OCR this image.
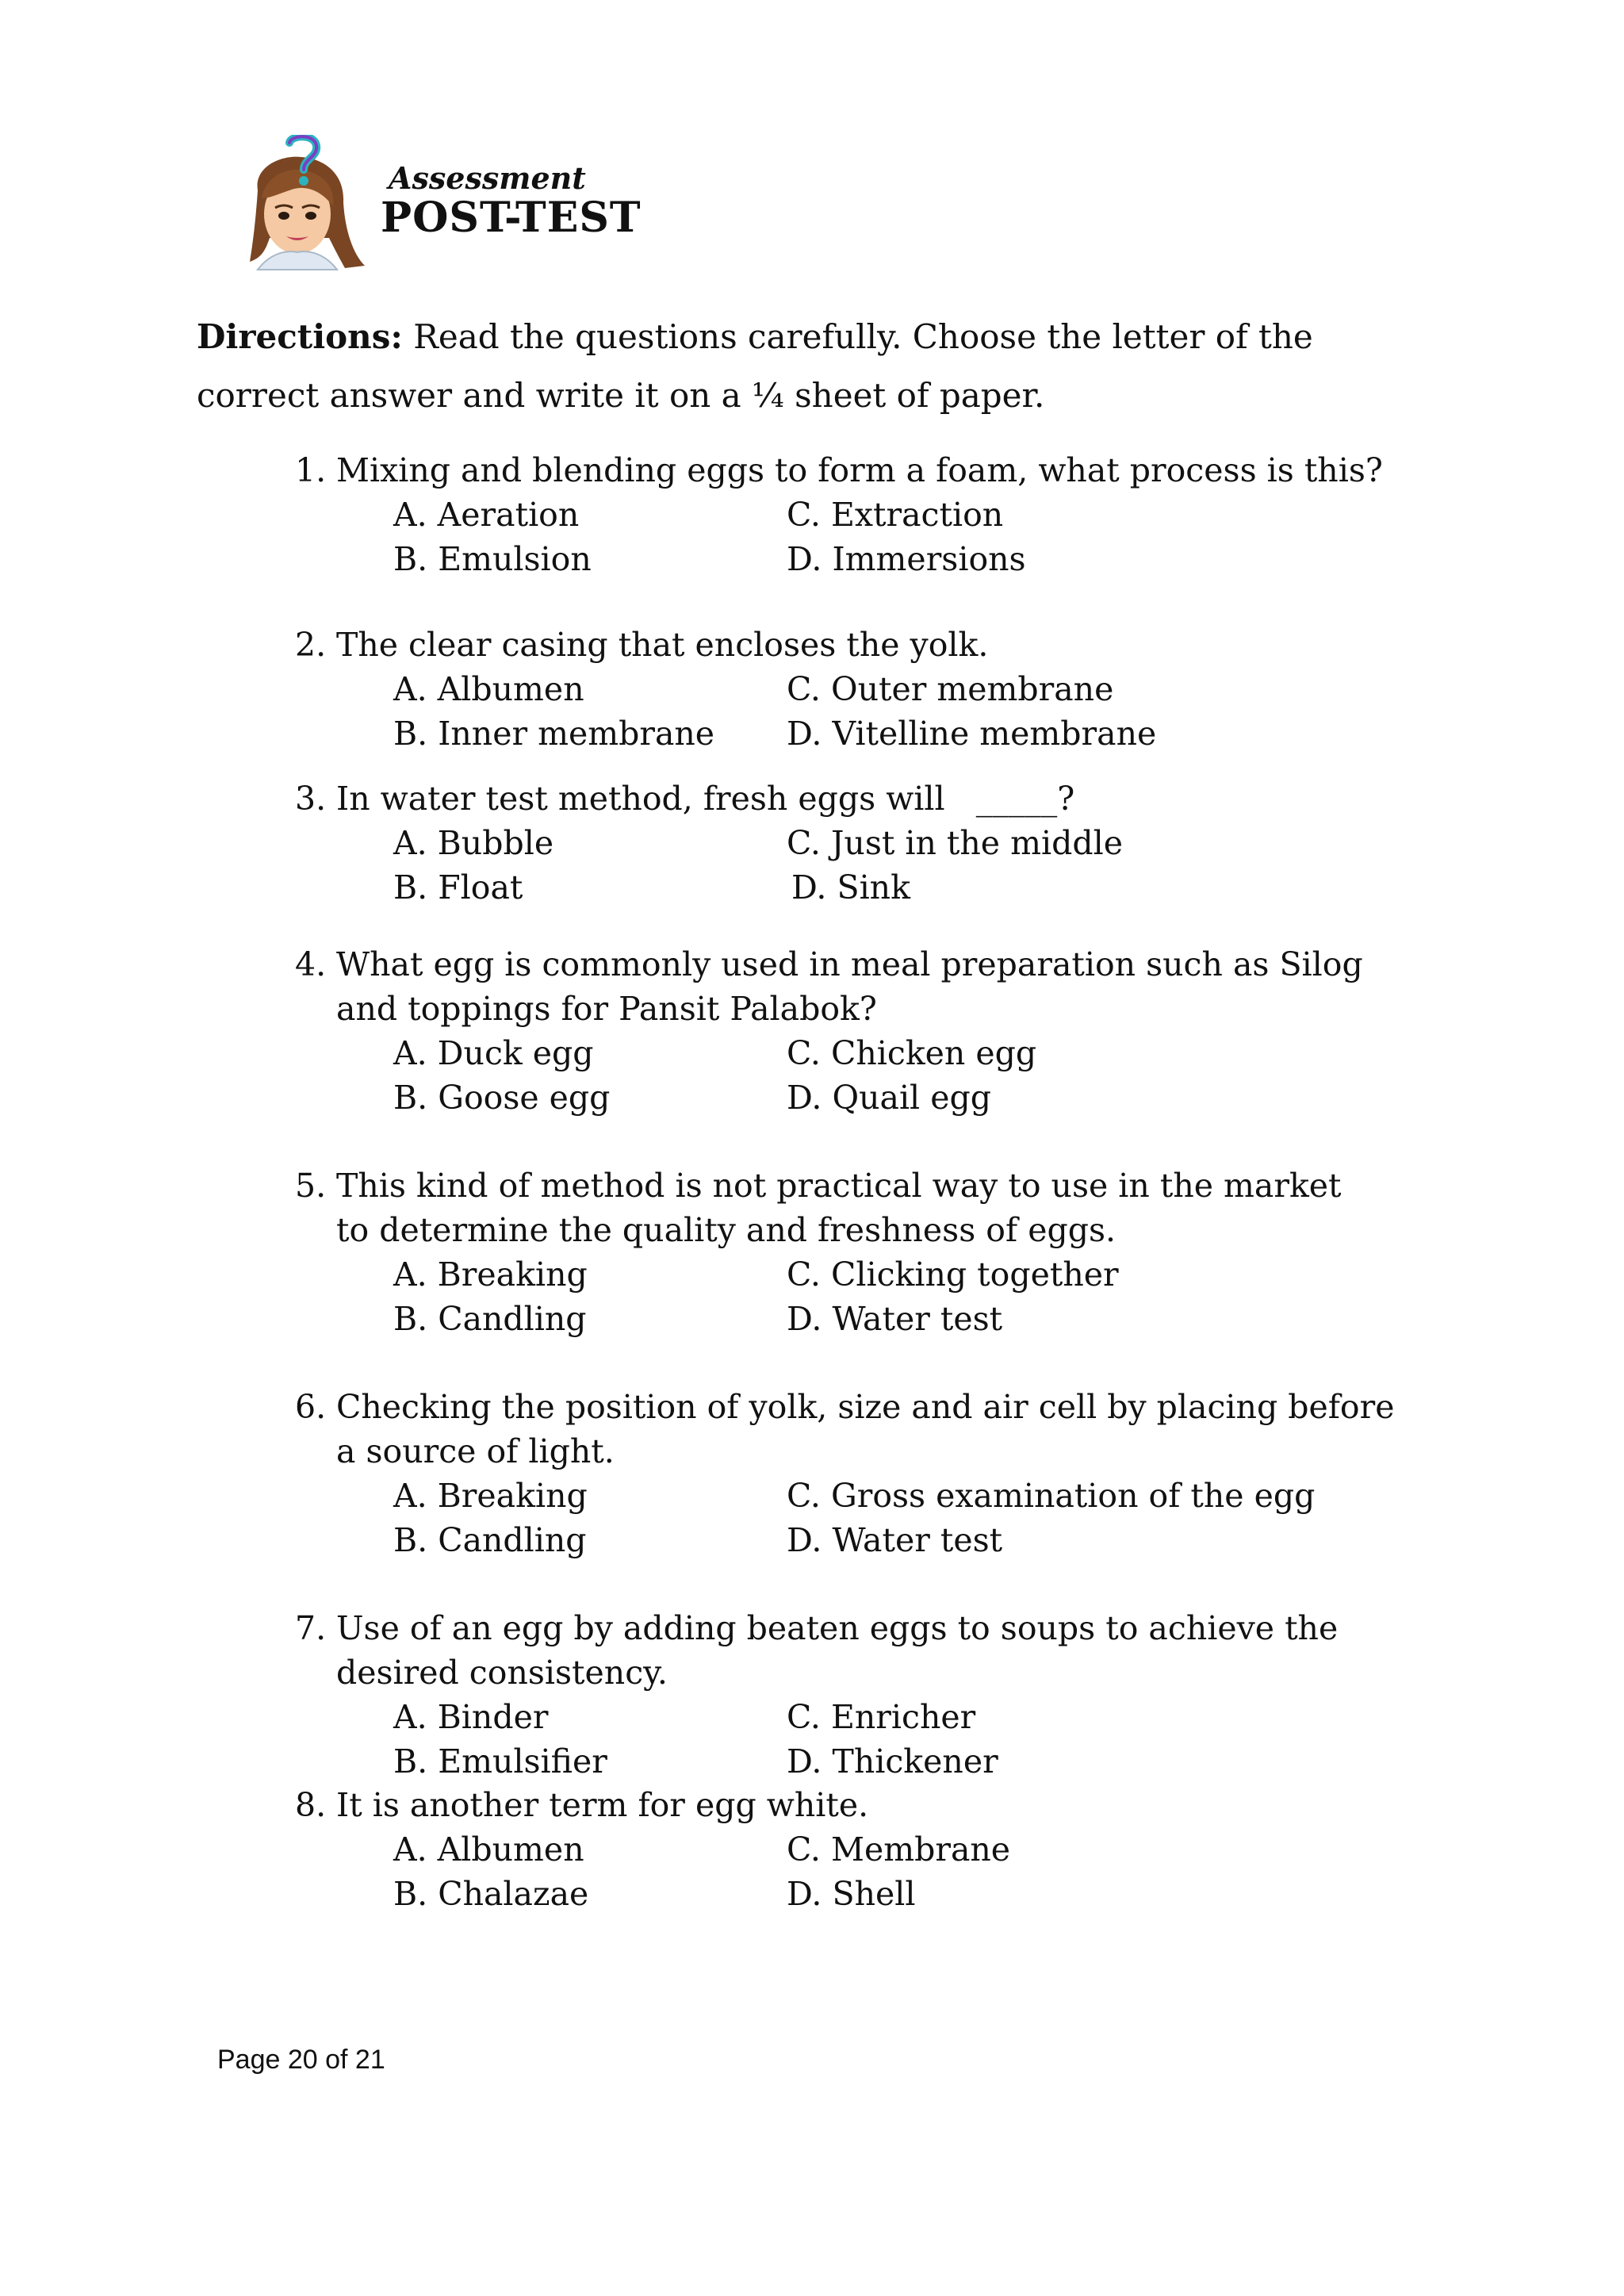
Assessment
POST-TEST
Directions: Read the questions carefully. Choose the letter of the correct answer and write it on a ¼ sheet of paper.
1. Mixing and blending eggs to form a foam, what process is this?
A. Aeration	C. Extraction
B. Emulsion	D. Immersions
2. The clear casing that encloses the yolk.
A. Albumen	C. Outer membrane
B. Inner membrane D. Vitelline membrane
3. In water test method, fresh eggs will   _____?
A. Bubble	C. Just in the middle
B. Float	D. Sink
4. What egg is commonly used in meal preparation such as Silog and toppings for Pansit Palabok?
A. Duck egg	C. Chicken egg
B. Goose egg	D. Quail egg
5. This kind of method is not practical way to use in the market to determine the quality and freshness of eggs.
A. Breaking	C. Clicking together
B. Candling	D. Water test
6. Checking the position of yolk, size and air cell by placing before a source of light.
A. Breaking	C. Gross examination of the egg
B. Candling	D. Water test
7. Use of an egg by adding beaten eggs to soups to achieve the desired consistency.
A. Binder	C. Enricher
B. Emulsifier	D. Thickener
8. It is another term for egg white.
A. Albumen	C. Membrane
B. Chalazae	D. Shell
Page 20 of 21
